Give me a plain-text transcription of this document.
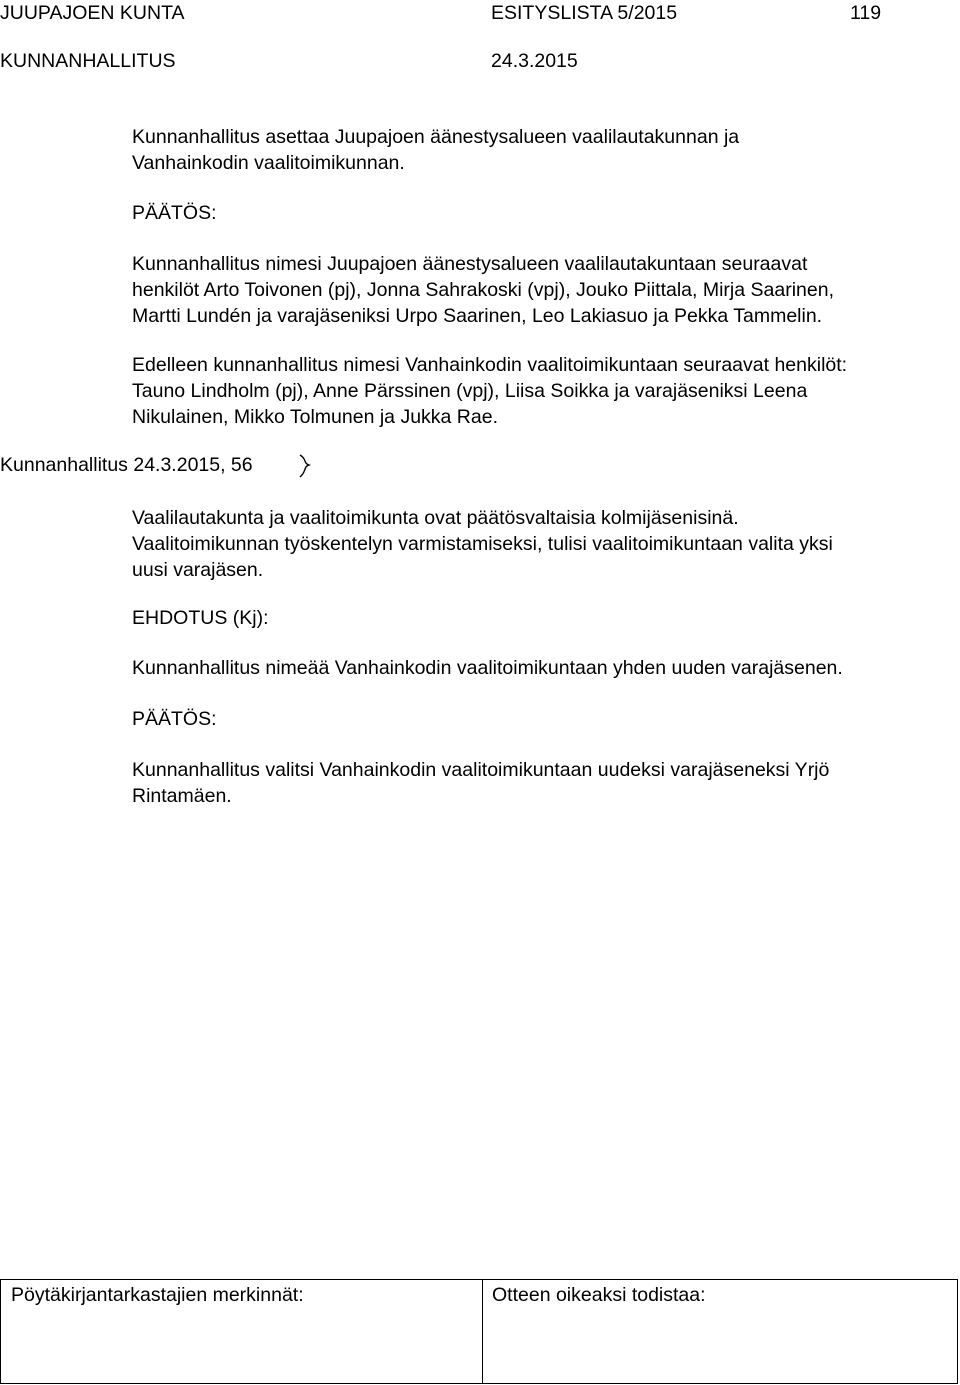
JUUPAJOEN KUNTA	ESITYSLISTA 5/2015	119
KUNNANHALLITUS	24.3.2015
Kunnanhallitus asettaa Juupajoen äänestysalueen vaalilautakunnan ja
Vanhainkodin vaalitoimikunnan.
PÄÄTÖS:
Kunnanhallitus nimesi Juupajoen äänestysalueen vaalilautakuntaan seuraavat
henkilöt Arto Toivonen (pj), Jonna Sahrakoski (vpj), Jouko Piittala, Mirja Saarinen,
Martti Lundén ja varajäseniksi Urpo Saarinen, Leo Lakiasuo ja Pekka Tammelin.
Edelleen kunnanhallitus nimesi Vanhainkodin vaalitoimikuntaan seuraavat henkilöt:
Tauno Lindholm (pj), Anne Pärssinen (vpj), Liisa Soikka ja varajäseniksi Leena
Nikulainen, Mikko Tolmunen ja Jukka Rae.
Kunnanhallitus 24.3.2015, 56
Vaalilautakunta ja vaalitoimikunta ovat päätösvaltaisia kolmijäsenisinä.
Vaalitoimikunnan työskentelyn varmistamiseksi, tulisi vaalitoimikuntaan valita yksi
uusi varajäsen.
EHDOTUS (Kj):
Kunnanhallitus nimeää Vanhainkodin vaalitoimikuntaan yhden uuden varajäsenen.
PÄÄTÖS:
Kunnanhallitus valitsi Vanhainkodin vaalitoimikuntaan uudeksi varajäseneksi Yrjö
Rintamäen.
Pöytäkirjantarkastajien merkinnät:	Otteen oikeaksi todistaa:
